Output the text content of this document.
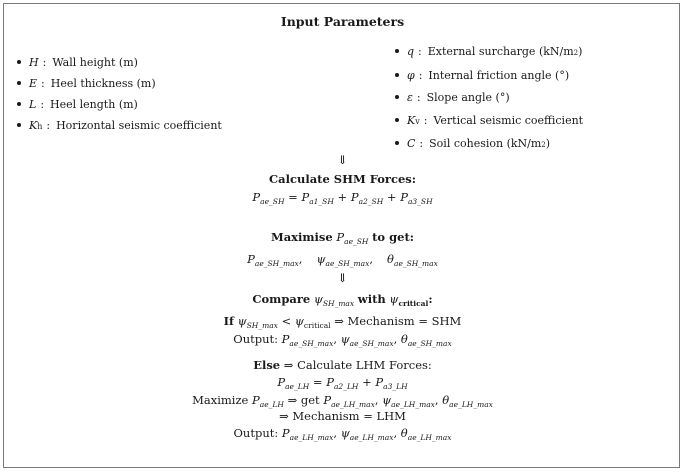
Input Parameters
H : Wall height (m)
E : Heel thickness (m)
L : Heel length (m)
K h : Horizontal seismic coefficient
q : External surcharge (kN/m 2 )
φ : Internal friction angle (°)
ε : Slope angle (°)
K v : Vertical seismic coefficient
C : Soil cohesion (kN/m 2 )
⇓
Calculate SHM Forces:
$P_{ae\_SH} = P_{a1\_SH} + P_{a2\_SH} + P_{a3\_SH}$
Maximise $P_{ae\_SH}$ to get:
$P_{ae\_SH\_max}$, $\psi_{ae\_SH\_max}$, $\theta_{ae\_SH\_max}$
⇓
Compare $\psi_{SH\_max}$ with $\psi_{critical}$:
If $\psi_{SH\_max} < \psi_{critical}$ ⇒ Mechanism = SHM
Output: $P_{ae\_SH\_max}$, $\psi_{ae\_SH\_max}$, $\theta_{ae\_SH\_max}$
Else ⇒ Calculate LHM Forces:
$P_{ae\_LH} = P_{a2\_LH} + P_{a3\_LH}$
Maximize $P_{ae\_LH}$ ⇒ get $P_{ae\_LH\_max}$, $\psi_{ae\_LH\_max}$, $\theta_{ae\_LH\_max}$
⇒ Mechanism = LHM
Output: $P_{ae\_LH\_max}$, $\psi_{ae\_LH\_max}$, $\theta_{ae\_LH\_max}$
